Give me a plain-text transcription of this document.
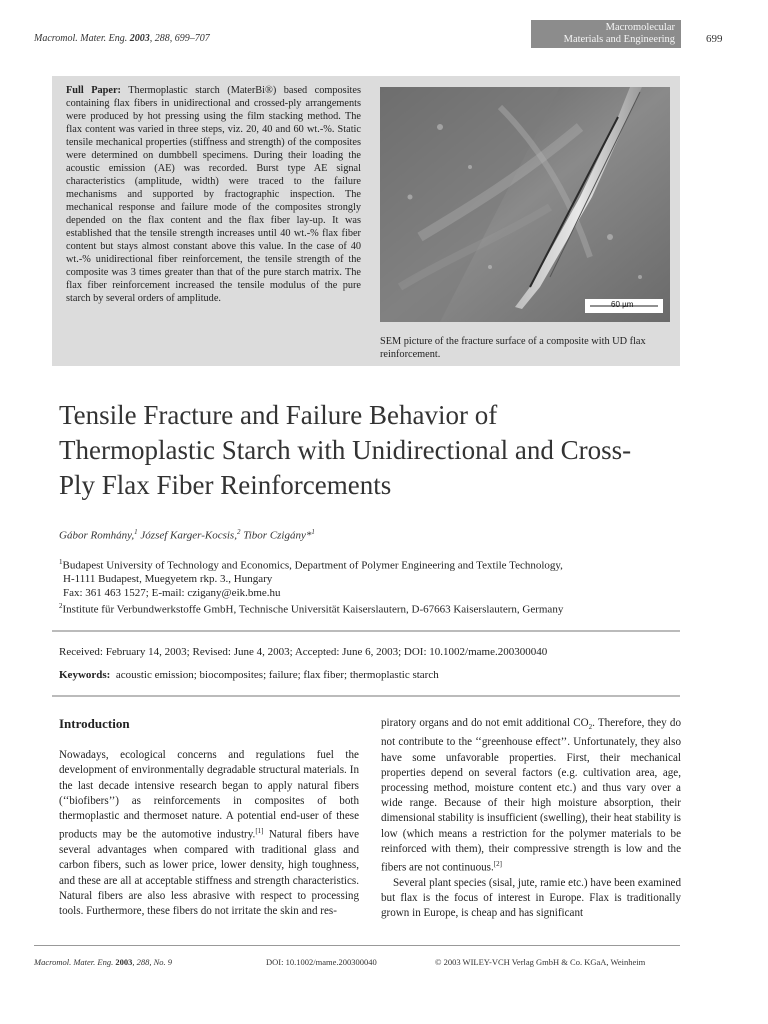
Macromol. Mater. Eng. 2003, 288, 699–707
Macromolecular
Materials and Engineering	699
Full Paper: Thermoplastic starch (MaterBi®) based composites containing flax fibers in unidirectional and crossed-ply arrangements were produced by hot pressing using the film stacking method. The flax content was varied in three steps, viz. 20, 40 and 60 wt.-%. Static tensile mechanical properties (stiffness and strength) of the composites were determined on dumbbell specimens. During their loading the acoustic emission (AE) was recorded. Burst type AE signal characteristics (amplitude, width) were traced to the failure mechanisms and supported by fractographic inspection. The mechanical response and failure mode of the composites strongly depended on the flax content and the flax fiber lay-up. It was established that the tensile strength increases until 40 wt.-% flax fiber content but stays almost constant above this value. In the case of 40 wt.-% unidirectional fiber reinforcement, the tensile strength of the composite was 3 times greater than that of the pure starch matrix. The flax fiber reinforcement increased the tensile modulus of the pure starch by several orders of amplitude.
60 µm
SEM picture of the fracture surface of a composite with UD flax reinforcement.
Tensile Fracture and Failure Behavior of Thermoplastic Starch with Unidirectional and Cross-Ply Flax Fiber Reinforcements
Gábor Romhány,$^1$ József Karger-Kocsis,$^2$ Tibor Czigány*$^1$
$^1$Budapest University of Technology and Economics, Department of Polymer Engineering and Textile Technology,
H-1111 Budapest, Muegyetem rkp. 3., Hungary
Fax: 361 463 1527; E-mail: czigany@eik.bme.hu
$^2$Institute für Verbundwerkstoffe GmbH, Technische Universität Kaiserslautern, D-67663 Kaiserslautern, Germany
Received: February 14, 2003; Revised: June 4, 2003; Accepted: June 6, 2003; DOI: 10.1002/mame.200300040
Keywords: acoustic emission; biocomposites; failure; flax fiber; thermoplastic starch
Introduction

Nowadays, ecological concerns and regulations fuel the development of environmentally degradable structural materials. In the last decade intensive research began to apply natural fibers (‘‘biofibers’’) as reinforcements in composites of both thermoplastic and thermoset nature. A potential end-user of these products may be the automotive industry.[1] Natural fibers have several advantages when compared with traditional glass and carbon fibers, such as lower price, lower density, high toughness, and these are all at acceptable stiffness and strength characteristics. Natural fibers are also less abrasive with respect to processing tools. Furthermore, these fibers do not irritate the skin and res-

piratory organs and do not emit additional $CO_2$. Therefore, they do not contribute to the ‘‘greenhouse effect’’. Unfortunately, they also have some unfavorable properties. First, their mechanical properties depend on several factors (e.g. cultivation area, age, processing method, moisture content etc.) and thus vary over a wide range. Because of their high moisture absorption, their dimensional stability is insufficient (swelling), their heat stability is low (which means a restriction for the polymer materials to be reinforced with them), their compressive strength is low and the fibers are not continuous.[2]

Several plant species (sisal, jute, ramie etc.) have been examined but flax is the focus of interest in Europe. Flax is traditionally grown in Europe, is cheap and has significant

Macromol. Mater. Eng. 2003, 288, No. 9	DOI: 10.1002/mame.200300040	© 2003 WILEY-VCH Verlag GmbH & Co. KGaA, Weinheim
